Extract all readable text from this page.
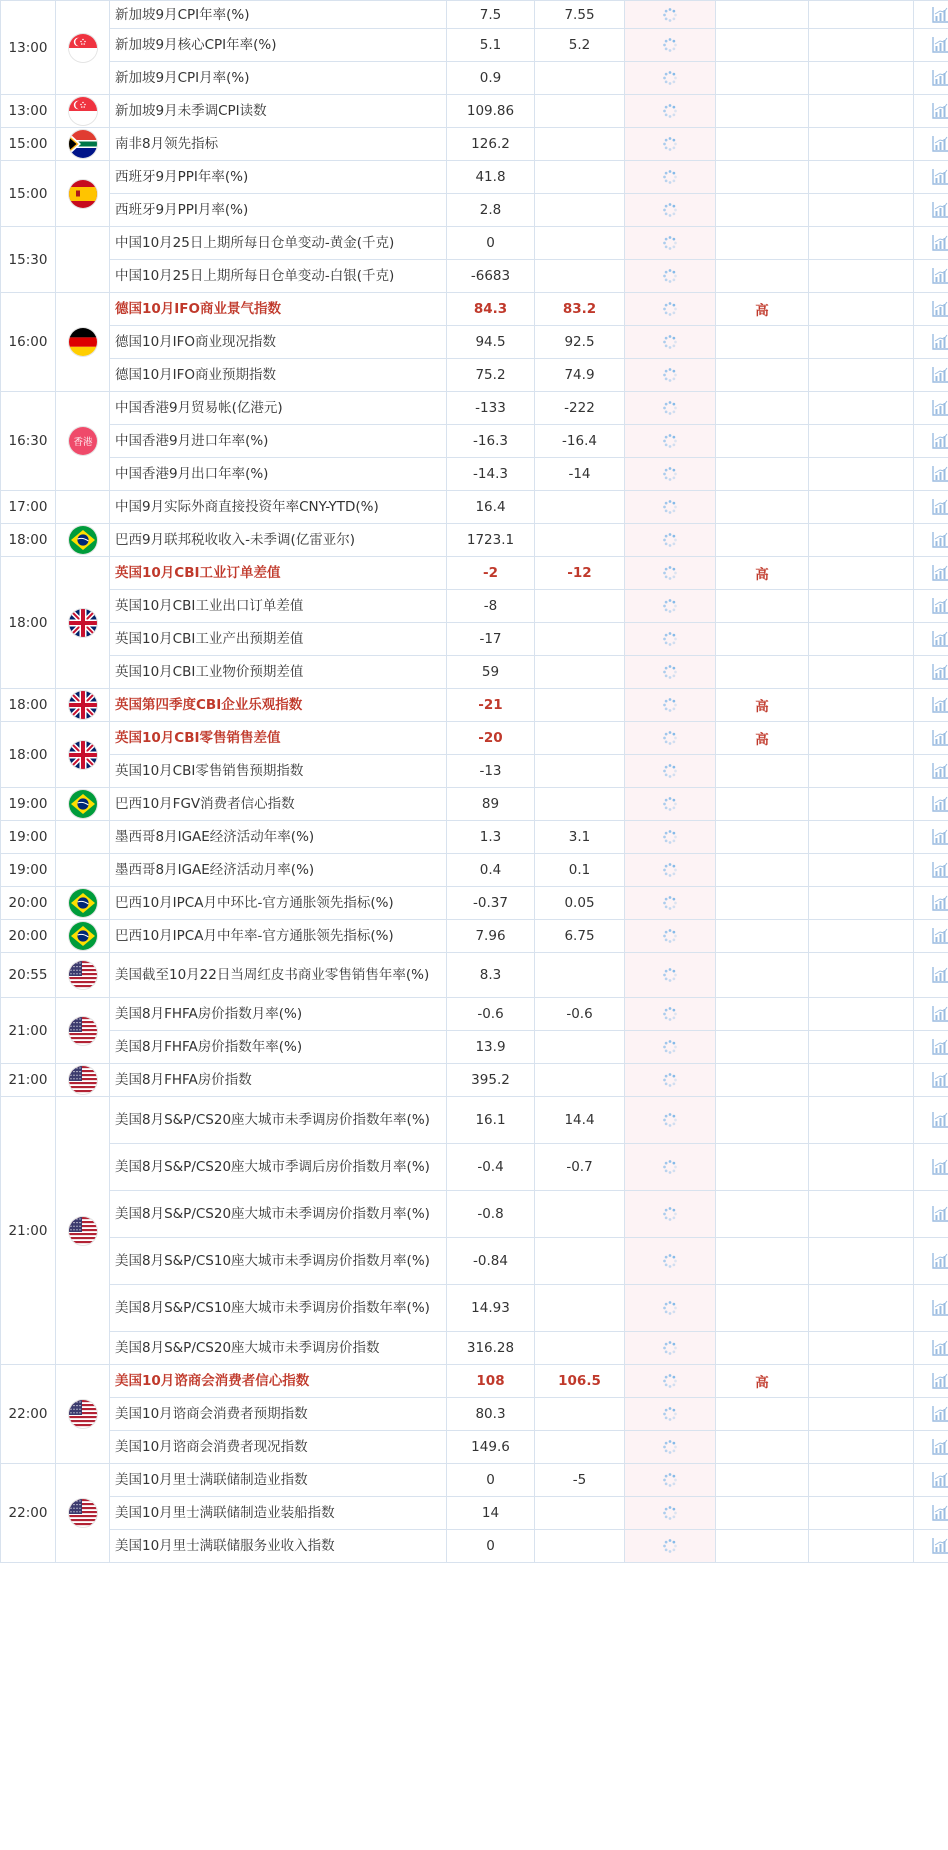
13:00		新加坡9月CPI年率(%)	7.5	7.55				
		新加坡9月核心CPI年率(%)	5.1	5.2				
		新加坡9月CPI月率(%)	0.9					
13:00		新加坡9月未季调CPI读数	109.86					
15:00		南非8月领先指标	126.2					
15:00		西班牙9月PPI年率(%)	41.8					
		西班牙9月PPI月率(%)	2.8					
15:30		中国10月25日上期所每日仓单变动-黄金(千克)	0					
		中国10月25日上期所每日仓单变动-白银(千克)	-6683					
16:00		德国10月IFO商业景气指数	84.3	83.2		高		
		德国10月IFO商业现况指数	94.5	92.5				
		德国10月IFO商业预期指数	75.2	74.9				
16:30	香港	中国香港9月贸易帐(亿港元)	-133	-222				
		中国香港9月进口年率(%)	-16.3	-16.4				
		中国香港9月出口年率(%)	-14.3	-14				
17:00		中国9月实际外商直接投资年率CNY-YTD(%)	16.4					
18:00		巴西9月联邦税收收入-未季调(亿雷亚尔)	1723.1					
18:00		英国10月CBI工业订单差值	-2	-12		高		
		英国10月CBI工业出口订单差值	-8					
		英国10月CBI工业产出预期差值	-17					
		英国10月CBI工业物价预期差值	59					
18:00		英国第四季度CBI企业乐观指数	-21			高		
18:00		英国10月CBI零售销售差值	-20			高		
		英国10月CBI零售销售预期指数	-13					
19:00		巴西10月FGV消费者信心指数	89					
19:00		墨西哥8月IGAE经济活动年率(%)	1.3	3.1				
19:00		墨西哥8月IGAE经济活动月率(%)	0.4	0.1				
20:00		巴西10月IPCA月中环比-官方通胀领先指标(%)	-0.37	0.05				
20:00		巴西10月IPCA月中年率-官方通胀领先指标(%)	7.96	6.75				
20:55		美国截至10月22日当周红皮书商业零售销售年率(%)	8.3					
21:00		美国8月FHFA房价指数月率(%)	-0.6	-0.6				
		美国8月FHFA房价指数年率(%)	13.9					
21:00		美国8月FHFA房价指数	395.2					
21:00		美国8月S&P/CS20座大城市未季调房价指数年率(%)	16.1	14.4				
		美国8月S&P/CS20座大城市季调后房价指数月率(%)	-0.4	-0.7				
		美国8月S&P/CS20座大城市未季调房价指数月率(%)	-0.8					
		美国8月S&P/CS10座大城市未季调房价指数月率(%)	-0.84					
		美国8月S&P/CS10座大城市未季调房价指数年率(%)	14.93					
		美国8月S&P/CS20座大城市未季调房价指数	316.28					
22:00		美国10月谘商会消费者信心指数	108	106.5		高		
		美国10月谘商会消费者预期指数	80.3					
		美国10月谘商会消费者现况指数	149.6					
22:00		美国10月里士满联储制造业指数	0	-5				
		美国10月里士满联储制造业装船指数	14					
		美国10月里士满联储服务业收入指数	0					
